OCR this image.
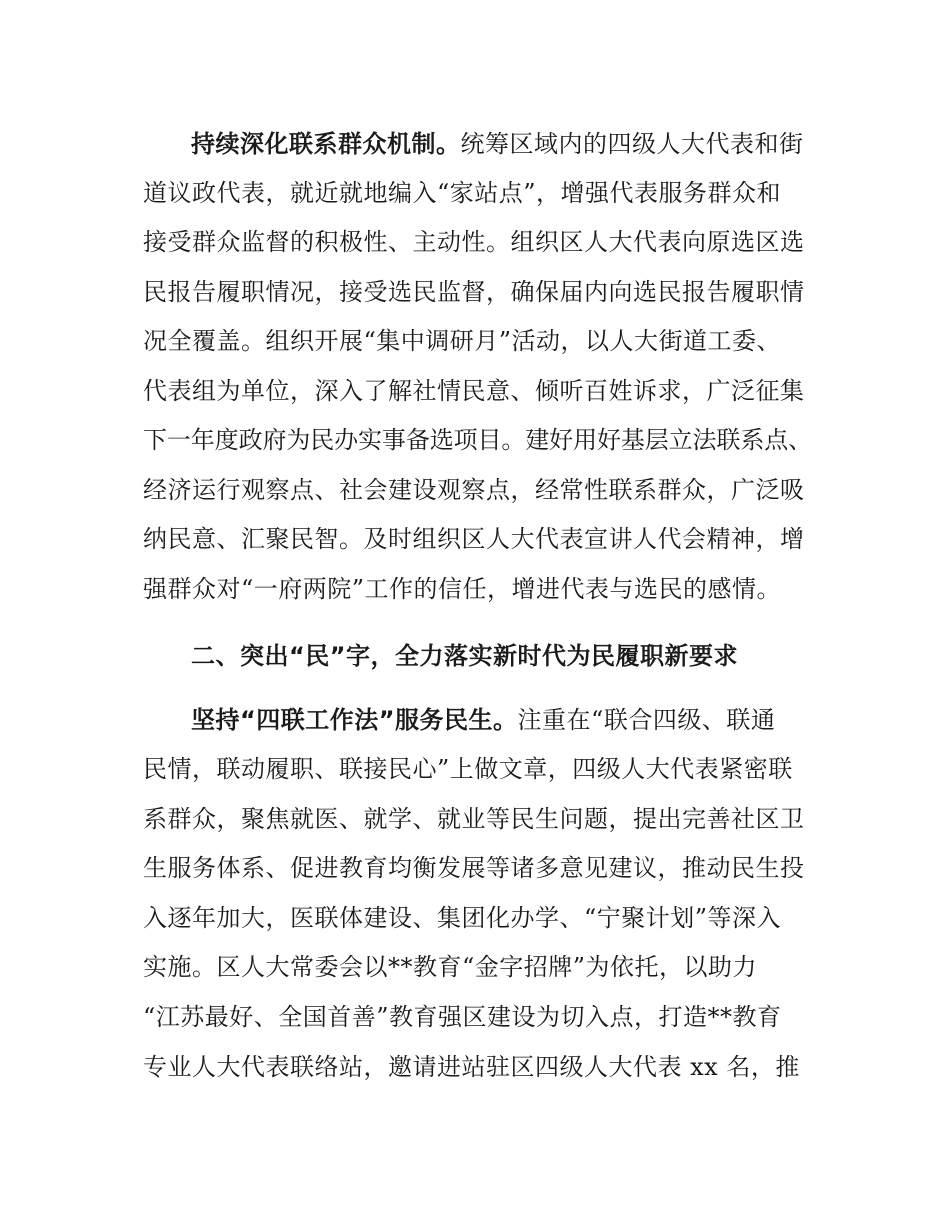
持续深化联系群众机制。统筹区域内的四级人大代表和街
道议政代表，就近就地编入“家站点”，增强代表服务群众和
接受群众监督的积极性、主动性。组织区人大代表向原选区选
民报告履职情况，接受选民监督，确保届内向选民报告履职情
况全覆盖。组织开展“集中调研月”活动，以人大街道工委、
代表组为单位，深入了解社情民意、倾听百姓诉求，广泛征集
下一年度政府为民办实事备选项目。建好用好基层立法联系点、
经济运行观察点、社会建设观察点，经常性联系群众，广泛吸
纳民意、汇聚民智。及时组织区人大代表宣讲人代会精神，增
强群众对“一府两院”工作的信任，增进代表与选民的感情。
二、突出“民”字，全力落实新时代为民履职新要求
坚持“四联工作法”服务民生。注重在“联合四级、联通
民情，联动履职、联接民心”上做文章，四级人大代表紧密联
系群众，聚焦就医、就学、就业等民生问题，提出完善社区卫
生服务体系、促进教育均衡发展等诸多意见建议，推动民生投
入逐年加大，医联体建设、集团化办学、“宁聚计划”等深入
实施。区人大常委会以**教育“金字招牌”为依托，以助力
“江苏最好、全国首善”教育强区建设为切入点，打造**教育
专业人大代表联络站，邀请进站驻区四级人大代表 xx 名，推
